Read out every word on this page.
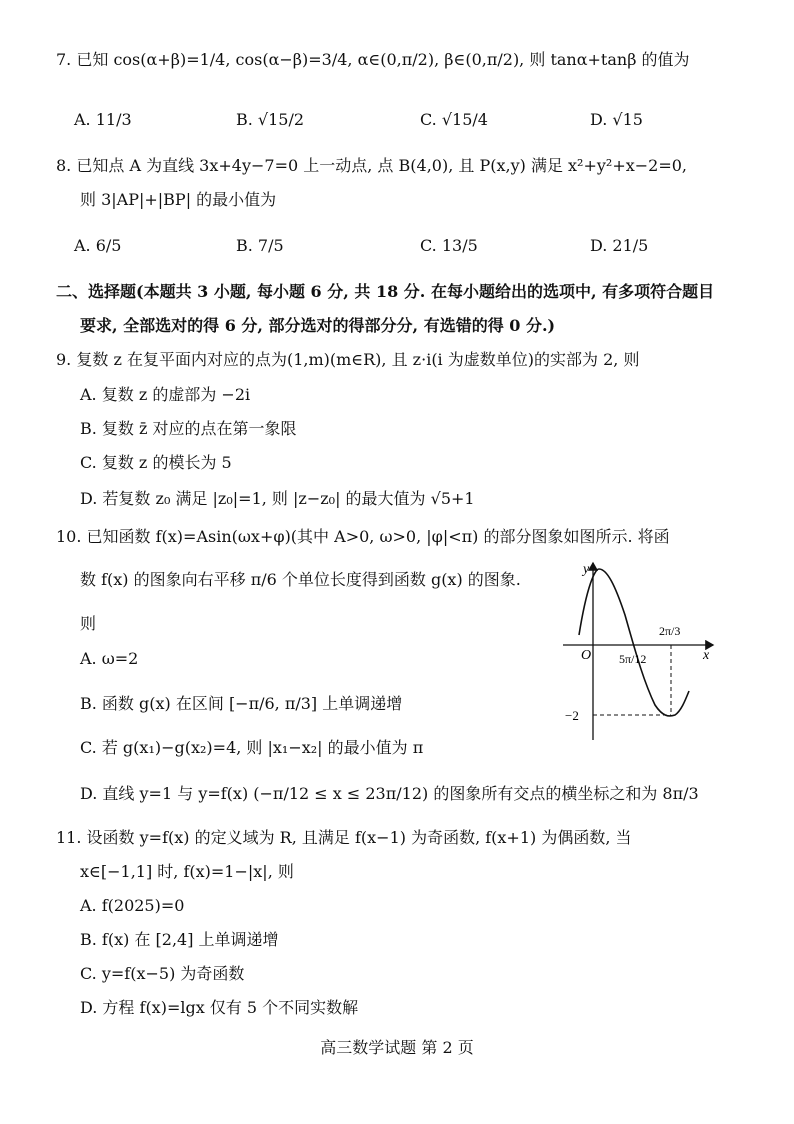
7. 已知 cos(α+β)=1/4, cos(α−β)=3/4, α∈(0,π/2), β∈(0,π/2), 则 tanα+tanβ 的值为
A. 11/3	B. √15/2	C. √15/4	D. √15
8. 已知点 A 为直线 3x+4y−7=0 上一动点, 点 B(4,0), 且 P(x,y) 满足 x²+y²+x−2=0,
则 3|AP|+|BP| 的最小值为
A. 6/5	B. 7/5	C. 13/5	D. 21/5
二、选择题(本题共 3 小题, 每小题 6 分, 共 18 分. 在每小题给出的选项中, 有多项符合题目
要求, 全部选对的得 6 分, 部分选对的得部分分, 有选错的得 0 分.)
9. 复数 z 在复平面内对应的点为(1,m)(m∈R), 且 z·i(i 为虚数单位)的实部为 2, 则
A. 复数 z 的虚部为 −2i
B. 复数 z̄ 对应的点在第一象限
C. 复数 z 的模长为 5
D. 若复数 z₀ 满足 |z₀|=1, 则 |z−z₀| 的最大值为 √5+1
10. 已知函数 f(x)=Asin(ωx+φ)(其中 A>0, ω>0, |φ|<π) 的部分图象如图所示. 将函
数 f(x) 的图象向右平移 π/6 个单位长度得到函数 g(x) 的图象.
则
A. ω=2
B. 函数 g(x) 在区间 [−π/6, π/3] 上单调递增
C. 若 g(x₁)−g(x₂)=4, 则 |x₁−x₂| 的最小值为 π
D. 直线 y=1 与 y=f(x) (−π/12 ≤ x ≤ 23π/12) 的图象所有交点的横坐标之和为 8π/3
y
x
O 5π/12
2π/3
−2
11. 设函数 y=f(x) 的定义域为 R, 且满足 f(x−1) 为奇函数, f(x+1) 为偶函数, 当
x∈[−1,1] 时, f(x)=1−|x|, 则
A. f(2025)=0
B. f(x) 在 [2,4] 上单调递增
C. y=f(x−5) 为奇函数
D. 方程 f(x)=lgx 仅有 5 个不同实数解
高三数学试题 第 2 页
